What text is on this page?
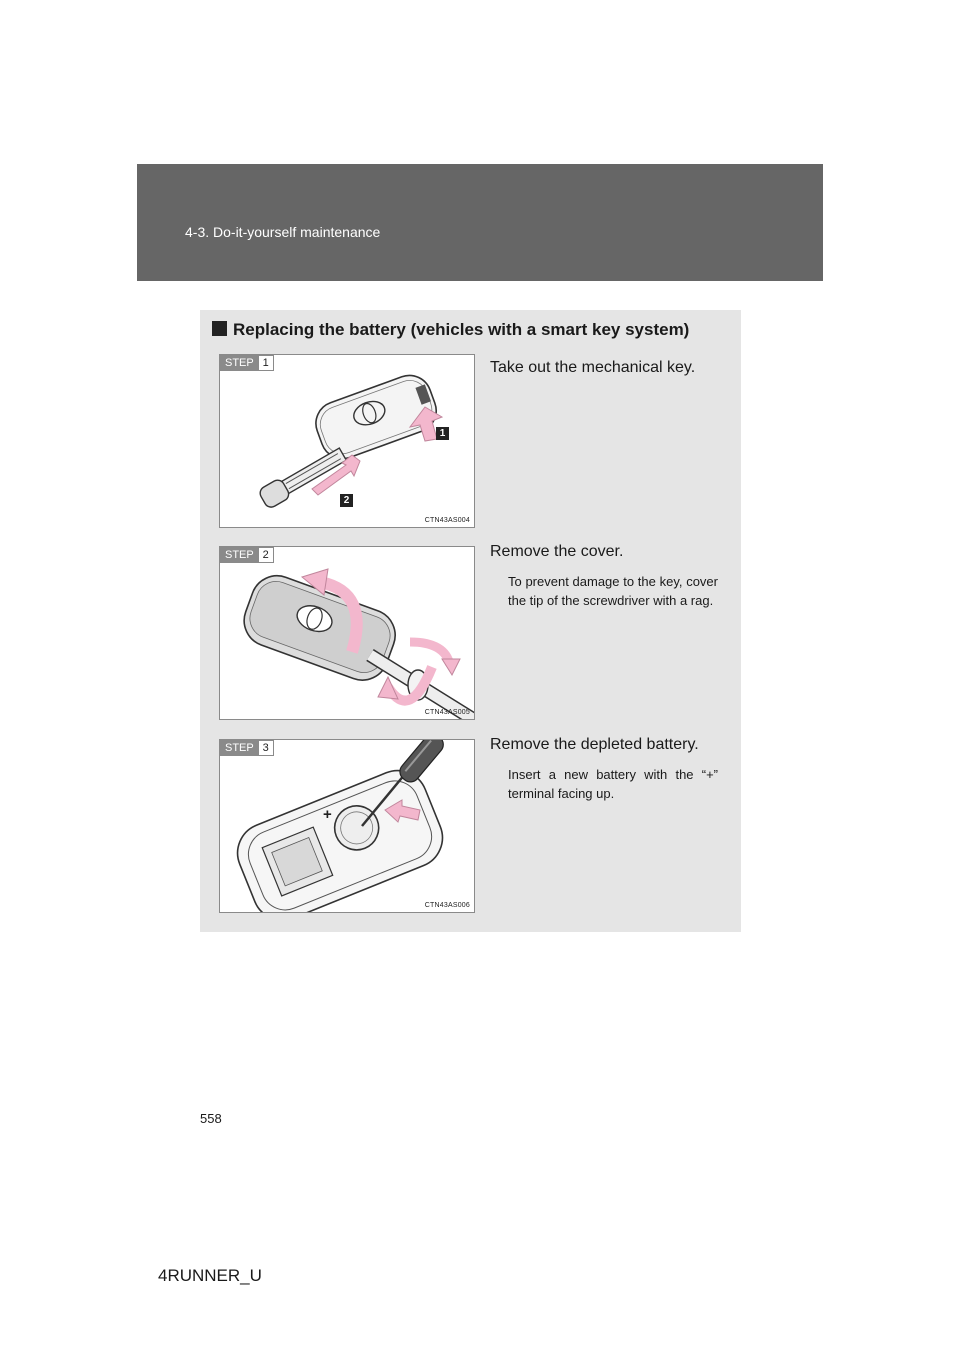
4-3. Do-it-yourself maintenance
Replacing the battery (vehicles with a smart key system)
STEP 1
1
2
CTN43AS004
Take out the mechanical key.
STEP 2
CTN43AS005
Remove the cover.
To prevent damage to the key, cover the tip of the screwdriver with a rag.
+
STEP 3
CTN43AS006
Remove the depleted battery.
Insert a new battery with the “+” terminal facing up.
558
4RUNNER_U
